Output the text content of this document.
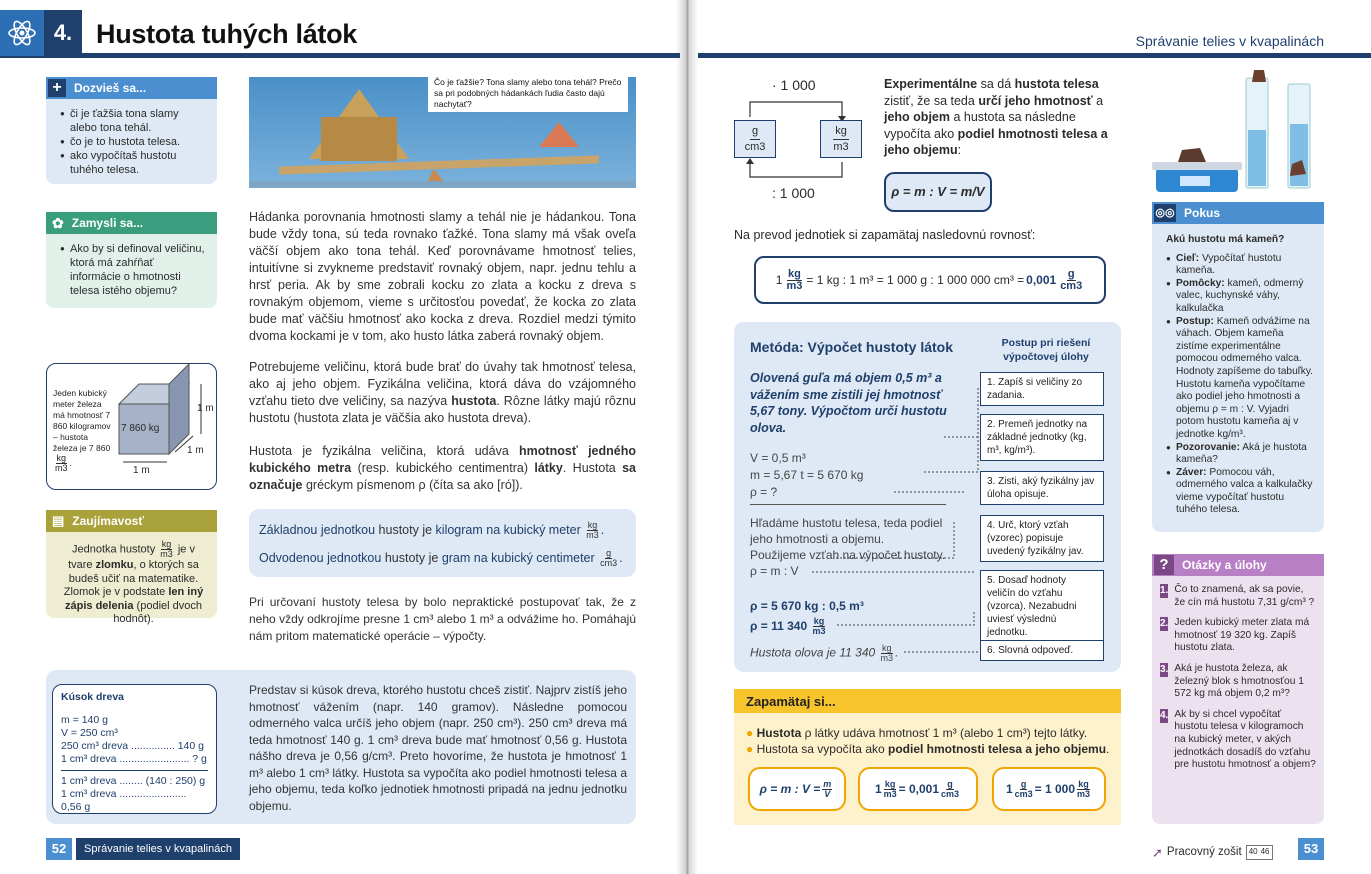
4. Hustota tuhých látok	Správanie telies v kvapalinách
+	Dozvieš sa...
● či je ťažšia tona slamy alebo tona tehál.
● čo je to hustota telesa.
● ako vypočítaš hustotu tuhého telesa.
✿ Zamysli sa...
● Ako by si definoval veličinu, ktorá má zahŕňať informácie o hmotnosti telesa istého objemu?
Jeden kubický meter železa má hmotnosť 7 860 kilogramov – hustota železa je 7 860
$\frac{kg}{m3}$ .
7 860 kg
1 m
1 m
1 m
▤ Zaujímavosť
Jednotka hustoty $\frac{kg}{m3}$ je v tvare zlomku, o ktorých sa budeš učiť na matematike. Zlomok je v podstate len iný zápis delenia (podiel dvoch hodnôt).
Čo je ťažšie? Tona slamy alebo tona tehál? Prečo sa pri podobných hádankách ľudia často dajú nachytať?
Hádanka porovnania hmotnosti slamy a tehál nie je hádankou. Tona bude vždy tona, sú teda rovnako ťažké. Tona slamy má však oveľa väčší objem ako tona tehál. Keď porovnávame hmotnosť telies, intuitívne si zvykneme predstaviť rovnaký objem, napr. jednu tehlu a hrsť peria. Ak by sme zobrali kocku zo zlata a kocku z dreva s rovnakým objemom, vieme s určitosťou povedať, že kocka zo zlata bude mať väčšiu hmotnosť ako kocka z dreva. Rozdiel medzi týmito dvoma kockami je v tom, ako husto látka zaberá rovnaký objem.
Potrebujeme veličinu, ktorá bude brať do úvahy tak hmotnosť telesa, ako aj jeho objem. Fyzikálna veličina, ktorá dáva do vzájomného vzťahu tieto dve veličiny, sa nazýva hustota. Rôzne látky majú rôznu hustotu (hustota zlata je väčšia ako hustota dreva).
Hustota je fyzikálna veličina, ktorá udáva hmotnosť jedného kubického metra (resp. kubického centimentra) látky. Hustota sa označuje gréckym písmenom ρ (číta sa ako [ró]).
Základnou jednotkou hustoty je kilogram na kubický meter $\frac{kg}{m3}$ .
Odvodenou jednotkou hustoty je gram na kubický centimeter $\frac{g}{cm3}$ .
Pri určovaní hustoty telesa by bolo nepraktické postupovať tak, že z neho vždy odkrojíme presne 1 cm³ alebo 1 m³ a odvážime ho. Pomáhajú nám pritom matematické operácie – výpočty.
Kúsok dreva
m = 140 g
V = 250 cm³
250 cm³ dreva ............... 140 g
1 cm³ dreva ........................ ? g
1 cm³ dreva ........ (140 : 250) g
1 cm³ dreva ....................... 0,56 g
Predstav si kúsok dreva, ktorého hustotu chceš zistiť. Najprv zistíš jeho hmotnosť vážením (napr. 140 gramov). Následne pomocou odmerného valca určíš jeho objem (napr. 250 cm³). 250 cm³ dreva má teda hmotnosť 140 g. 1 cm³ dreva bude mať hmotnosť 0,56 g. Hustota nášho dreva je 0,56 g/cm³. Preto hovoríme, že hustota je hmotnosť 1 m³ alebo 1 cm³ látky. Hustota sa vypočíta ako podiel hmotnosti telesa a jeho objemu, teda koľko jednotiek hmotnosti pripadá na jednu jednotku objemu.
52	Správanie telies v kvapalinách
· 1 000
g
cm3
kg
m3
: 1 000
Experimentálne sa dá hustota telesa zistiť, že sa teda určí jeho hmotnosť a jeho objem a hustota sa následne vypočíta ako podiel hmotnosti telesa a jeho objemu:
ρ = m : V = m/V
◎◎ Pokus
Akú hustotu má kameň?
● Cieľ: Vypočítať hustotu kameňa.
● Pomôcky: kameň, odmerný valec, kuchynské váhy, kalkulačka
● Postup: Kameň odvážime na váhach. Objem kameňa zistíme experimentálne pomocou odmerného valca. Hodnoty zapíšeme do tabuľky. Hustotu kameňa vypočítame ako podiel jeho hmotnosti a objemu ρ = m : V. Vyjadri potom hustotu kameňa aj v jednotke kg/m³.
● Pozorovanie: Aká je hustota kameňa?
● Záver: Pomocou váh, odmerného valca a kalkulačky vieme vypočítať hustotu tuhého telesa.
?	Otázky a úlohy
1. Čo to znamená, ak sa povie, že cín má hustotu 7,31 g/cm³ ?
2. Jeden kubický meter zlata má hmotnosť 19 320 kg. Zapíš hustotu zlata.
3. Aká je hustota železa, ak železný blok s hmotnosťou 1 572 kg má objem 0,2 m³?
4. Ak by si chcel vypočítať hustotu telesa v kilogramoch na kubický meter, v akých jednotkách dosadíš do vzťahu pre hustotu hmotnosť a objem?
Na prevod jednotiek si zapamätaj nasledovnú rovnosť:
$1 \frac{kg}{m3} = 1$ kg : 1 m³ = 1 000 g : 1 000 000 $cm^3 = 0,001 \frac{g}{cm3}$
Metóda: Výpočet hustoty látok	Postup pri riešení výpočtovej úlohy
Olovená guľa má objem 0,5 m³ a vážením sme zistili jej hmotnosť 5,67 tony. Výpočtom urči hustotu olova.
V = 0,5 m³
m = 5,67 t = 5 670 kg
ρ = ?
Hľadáme hustotu telesa, teda podiel jeho hmotnosti a objemu.
Použijeme vzťah na výpočet hustoty.
ρ = m : V
ρ = 5 670 kg : 0,5 m³
ρ = 11 $340 \frac{kg}{m3}$
Hustota olova je 11 $340 \frac{kg}{m3}$ .
1. Zapíš si veličiny zo zadania.
2. Premeň jednotky na základné jednotky (kg, m³, kg/m³).
3. Zisti, aký fyzikálny jav úloha opisuje.
4. Urč, ktorý vzťah (vzorec) popisuje uvedený fyzikálny jav.
5. Dosaď hodnoty veličín do vzťahu (vzorca). Nezabudni uviesť výslednú jednotku.
6. Slovná odpoveď.
Zapamätaj si...
● Hustota ρ látky udáva hmotnosť 1 m³ (alebo 1 cm³) tejto látky.
● Hustota sa vypočíta ako podiel hmotnosti telesa a jeho objemu.
ρ = m : $V = \frac{m}{V}$	$1 \frac{kg}{m3} = 0,001 \frac{g}{cm3}$	$1 \frac{g}{cm3} = 1$ $000 \frac{kg}{m3}$
➚ Pracovný zošit 40 46	53
